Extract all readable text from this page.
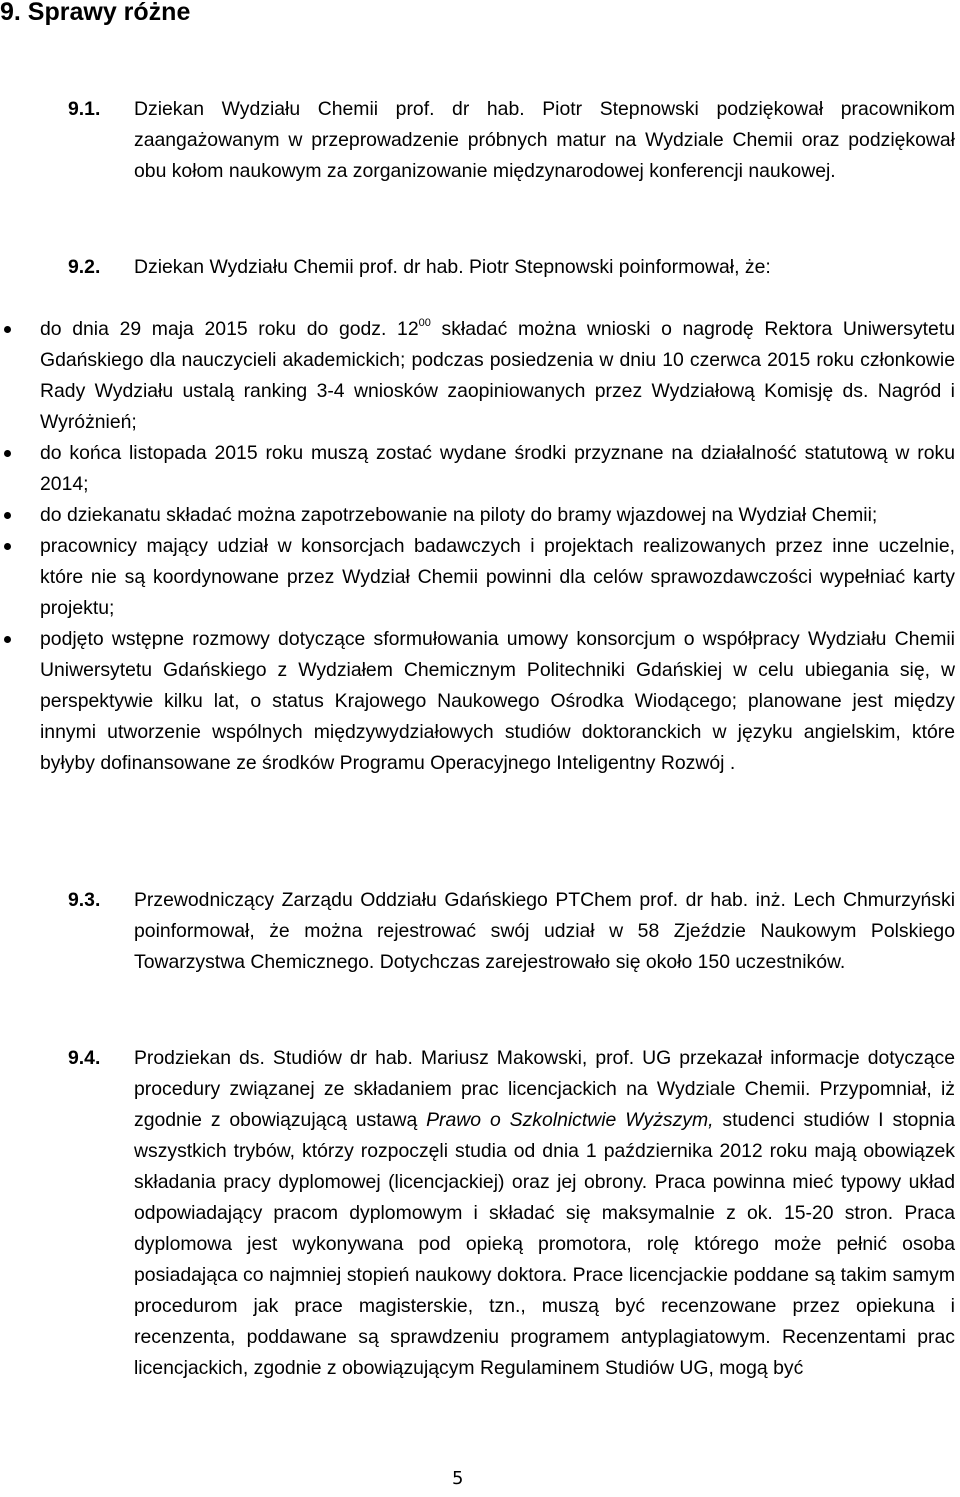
9. Sprawy różne
9.1. Dziekan Wydziału Chemii prof. dr hab. Piotr Stepnowski podziękował pracownikom zaangażowanym w przeprowadzenie próbnych matur na Wydziale Chemii oraz podziękował obu kołom naukowym za zorganizowanie międzynarodowej konferencji naukowej.
9.2. Dziekan Wydziału Chemii prof. dr hab. Piotr Stepnowski poinformował, że:
do dnia 29 maja 2015 roku do godz. $12^{00}$ składać można wnioski o nagrodę Rektora Uniwersytetu Gdańskiego dla nauczycieli akademickich; podczas posiedzenia w dniu 10 czerwca 2015 roku członkowie Rady Wydziału ustalą ranking 3-4 wniosków zaopiniowanych przez Wydziałową Komisję ds. Nagród i Wyróżnień;
do końca listopada 2015 roku muszą zostać wydane środki przyznane na działalność statutową w roku 2014;
do dziekanatu składać można zapotrzebowanie na piloty do bramy wjazdowej na Wydział Chemii;
pracownicy mający udział w konsorcjach badawczych i projektach realizowanych przez inne uczelnie, które nie są koordynowane przez Wydział Chemii powinni dla celów sprawozdawczości wypełniać karty projektu;
podjęto wstępne rozmowy dotyczące sformułowania umowy konsorcjum o współpracy Wydziału Chemii Uniwersytetu Gdańskiego z Wydziałem Chemicznym Politechniki Gdańskiej w celu ubiegania się, w perspektywie kilku lat, o status Krajowego Naukowego Ośrodka Wiodącego; planowane jest między innymi utworzenie wspólnych międzywydziałowych studiów doktoranckich w języku angielskim, które byłyby dofinansowane ze środków Programu Operacyjnego Inteligentny Rozwój .
9.3. Przewodniczący Zarządu Oddziału Gdańskiego PTChem prof. dr hab. inż. Lech Chmurzyński poinformował, że można rejestrować swój udział w 58 Zjeździe Naukowym Polskiego Towarzystwa Chemicznego. Dotychczas zarejestrowało się około 150 uczestników.
9.4. Prodziekan ds. Studiów dr hab. Mariusz Makowski, prof. UG przekazał informacje dotyczące procedury związanej ze składaniem prac licencjackich na Wydziale Chemii. Przypomniał, iż zgodnie z obowiązującą ustawą Prawo o Szkolnictwie Wyższym, studenci studiów I stopnia wszystkich trybów, którzy rozpoczęli studia od dnia 1 października 2012 roku mają obowiązek składania pracy dyplomowej (licencjackiej) oraz jej obrony. Praca powinna mieć typowy układ odpowiadający pracom dyplomowym i składać się maksymalnie z ok. 15-20 stron. Praca dyplomowa jest wykonywana pod opieką promotora, rolę którego może pełnić osoba posiadająca co najmniej stopień naukowy doktora. Prace licencjackie poddane są takim samym procedurom jak prace magisterskie, tzn., muszą być recenzowane przez opiekuna i recenzenta, poddawane są sprawdzeniu programem antyplagiatowym. Recenzentami prac licencjackich, zgodnie z obowiązującym Regulaminem Studiów UG, mogą być
5
